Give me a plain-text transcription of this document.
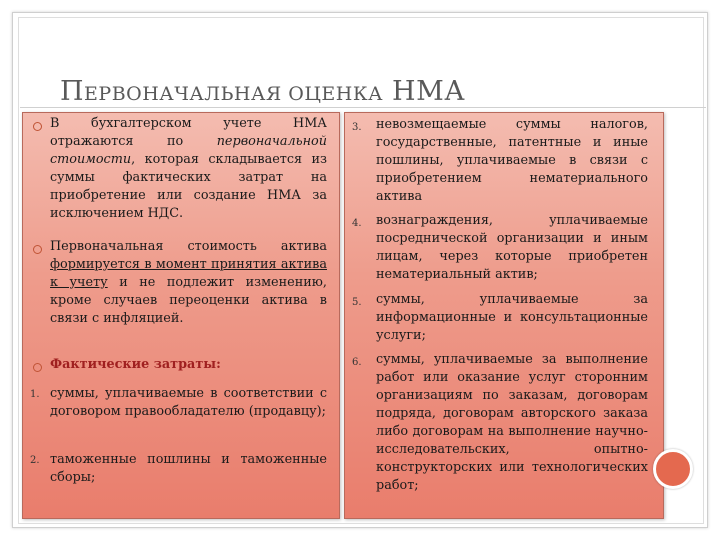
ПЕРВОНАЧАЛЬНАЯ ОЦЕНКА НМА
В бухгалтерском учете НМА отражаются по первоначальной стоимости, которая складывается из суммы фактических затрат на приобретение или создание НМА за исключением НДС.
Первоначальная стоимость актива формируется в момент принятия актива к учету и не подлежит изменению, кроме случаев переоценки актива в связи с инфляцией.
Фактические затраты:
1. суммы, уплачиваемые в соответствии с договором правообладателю (продавцу);
2. таможенные пошлины и таможенные сборы;
3. невозмещаемые суммы налогов, государственные, патентные и иные пошлины, уплачиваемые в связи с приобретением нематериального актива
4. вознаграждения, уплачиваемые посреднической организации и иным лицам, через которые приобретен нематериальный актив;
5. суммы, уплачиваемые за информационные и консультационные услуги;
6. суммы, уплачиваемые за выполнение работ или оказание услуг сторонним организациям по заказам, договорам подряда, договорам авторского заказа либо договорам на выполнение научно-исследовательских, опытно-конструкторских или технологических работ;
